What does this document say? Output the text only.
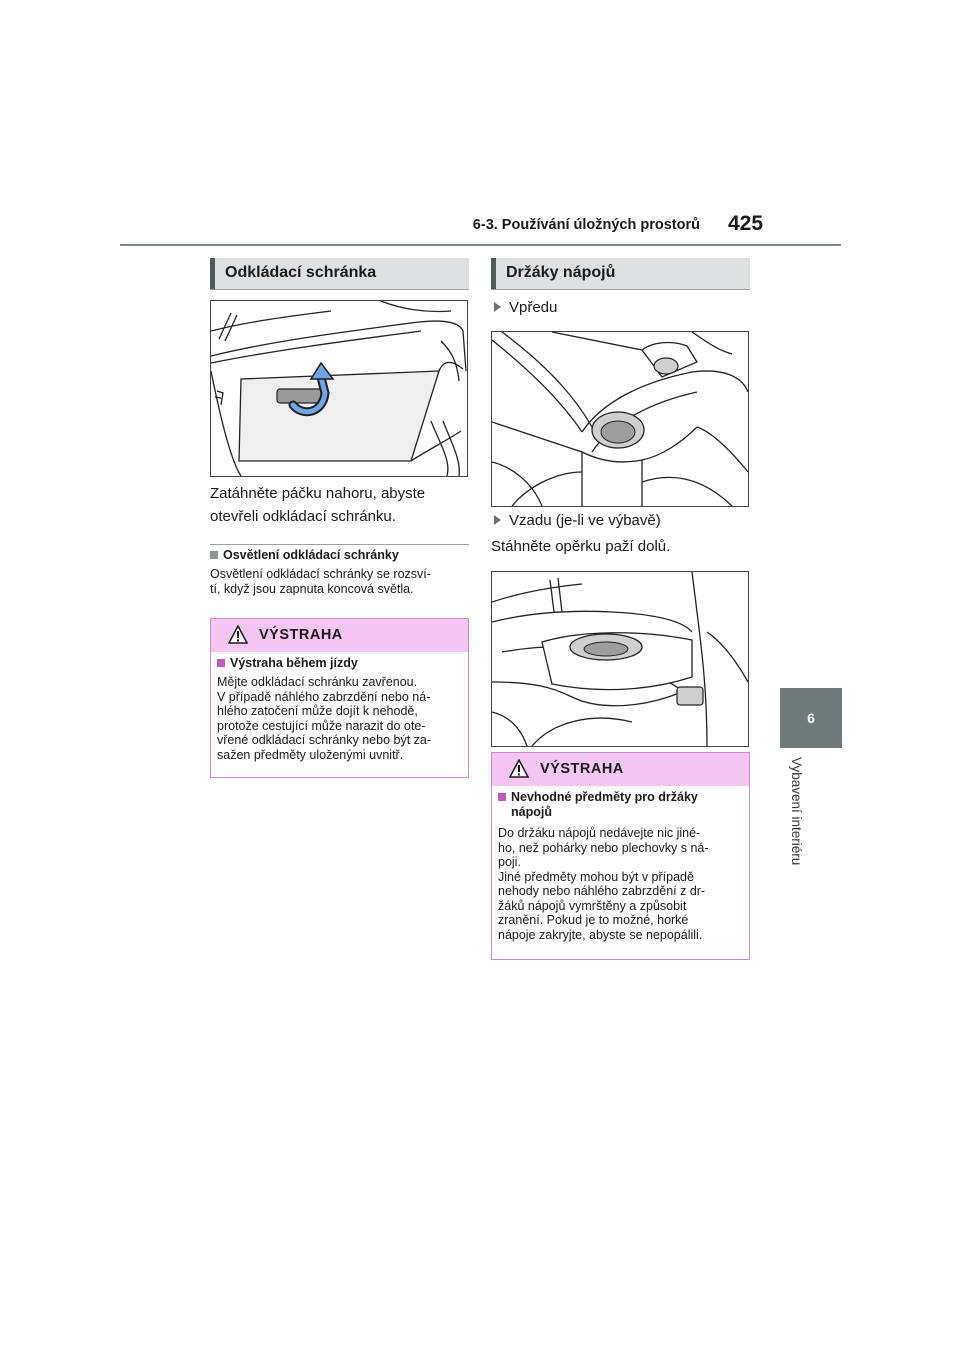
6-3. Používání úložných prostorů 425
6
Vybavení interiéru
Odkládací schránka
Zatáhněte páčku nahoru, abyste
otevřeli odkládací schránku.
Osvětlení odkládací schránky
Osvětlení odkládací schránky se rozsví-
tí, když jsou zapnuta koncová světla.
VÝSTRAHA
Výstraha během jízdy
Mějte odkládací schránku zavřenou.
V případě náhlého zabrzdění nebo ná-
hlého zatočení může dojít k nehodě,
protože cestující může narazit do ote-
vřené odkládací schránky nebo být za-
sažen předměty uloženými uvnitř.
Držáky nápojů
Vpředu
Vzadu (je-li ve výbavě)
Stáhněte opěrku paží dolů.
VÝSTRAHA
Nevhodné předměty pro držáky
nápojů
Do držáku nápojů nedávejte nic jiné-
ho, než pohárky nebo plechovky s ná-
poji.
Jiné předměty mohou být v případě
nehody nebo náhlého zabrzdění z dr-
žáků nápojů vymrštěny a způsobit
zranění. Pokud je to možné, horké
nápoje zakryjte, abyste se nepopálili.
